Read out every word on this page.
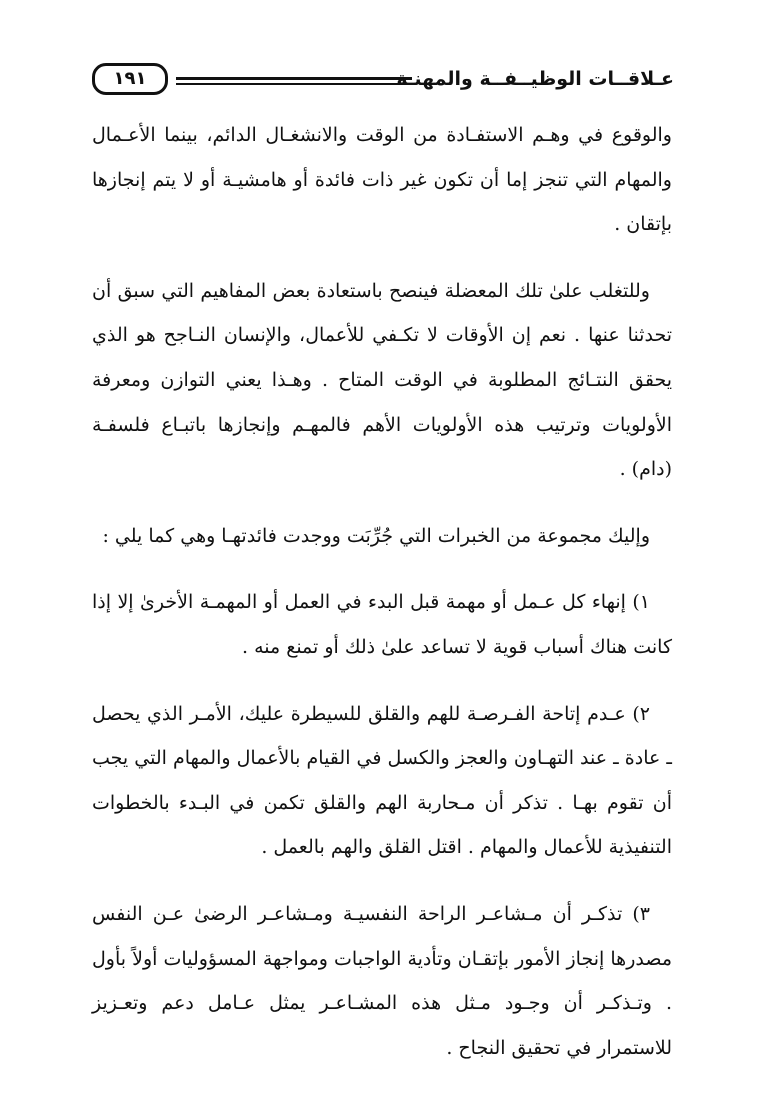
عـلاقــات الوظيــفــة والمهنـة
١٩١

والوقوع في وهـم الاستفـادة من الوقت والانشغـال الدائم، بينما الأعـمال والمهام التي تنجز إما أن تكون غير ذات فائدة أو هامشيـة أو لا يتم إنجازها بإتقان .

وللتغلب علىٰ تلك المعضلة فينصح باستعادة بعض المفاهيم التي سبق أن تحدثنا عنها . نعم إن الأوقات لا تكـفي للأعمال، والإنسان النـاجح هو الذي يحقق النتـائج المطلوبة في الوقت المتاح . وهـذا يعني التوازن ومعرفة الأولويات وترتيب هذه الأولويات الأهم فالمهـم وإنجازها باتبـاع فلسفـة (دام) .

وإليك مجموعة من الخبرات التي جُرِّبَت ووجدت فائدتهـا وهي كما يلي :

١) إنهاء كل عـمل أو مهمة قبل البدء في العمل أو المهمـة الأخرىٰ إلا إذا كانت هناك أسباب قوية لا تساعد علىٰ ذلك أو تمنع منه .

٢) عـدم إتاحة الفـرصـة للهم والقلق للسيطرة عليك، الأمـر الذي يحصل ـ عادة ـ عند التهـاون والعجز والكسل في القيام بالأعمال والمهام التي يجب أن تقوم بهـا . تذكر أن مـحاربة الهم والقلق تكمن في البـدء بالخطوات التنفيذية للأعمال والمهام . اقتل القلق والهم بالعمل .

٣) تذكـر أن مـشاعـر الراحة النفسيـة ومـشاعـر الرضىٰ عـن النفس مصدرها إنجاز الأمور بإتقـان وتأدية الواجبات ومواجهة المسؤوليات أولاً بأول . وتـذكـر أن وجـود مـثل هذه المشـاعـر يمثل عـامل دعم وتعـزيز للاستمرار في تحقيق النجاح .
